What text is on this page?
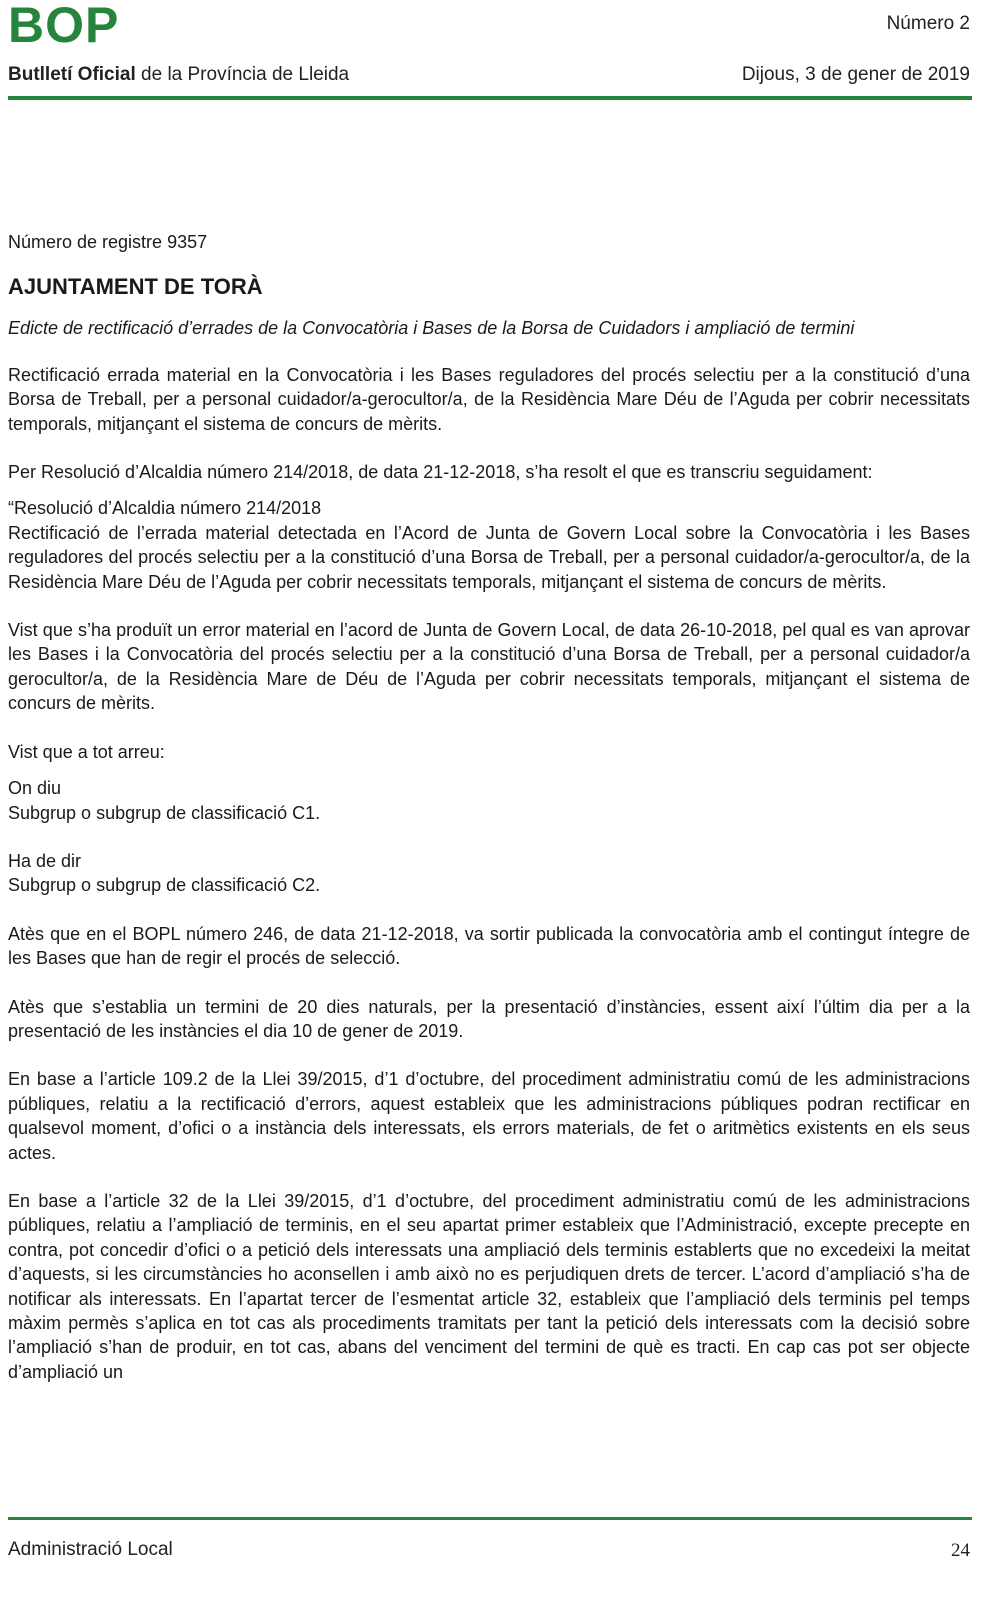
BOP	Número 2
Butlletí Oficial de la Província de Lleida	Dijous, 3 de gener de 2019

Número de registre 9357

AJUNTAMENT DE TORÀ

Edicte de rectificació d’errades de la Convocatòria i Bases de la Borsa de Cuidadors i ampliació de termini

Rectificació errada material en la Convocatòria i les Bases reguladores del procés selectiu per a la constitució d’una Borsa de Treball, per a personal cuidador/a-gerocultor/a, de la Residència Mare Déu de l’Aguda per cobrir necessitats temporals, mitjançant el sistema de concurs de mèrits.

Per Resolució d’Alcaldia número 214/2018, de data 21-12-2018, s’ha resolt el que es transcriu seguidament:

“Resolució d’Alcaldia número 214/2018

Rectificació de l’errada material detectada en l’Acord de Junta de Govern Local sobre la Convocatòria i les Bases reguladores del procés selectiu per a la constitució d’una Borsa de Treball, per a personal cuidador/a-gerocultor/a, de la Residència Mare Déu de l’Aguda per cobrir necessitats temporals, mitjançant el sistema de concurs de mèrits.

Vist que s’ha produït un error material en l’acord de Junta de Govern Local, de data 26-10-2018, pel qual es van aprovar les Bases i la Convocatòria del procés selectiu per a la constitució d’una Borsa de Treball, per a personal cuidador/a gerocultor/a, de la Residència Mare de Déu de l’Aguda per cobrir necessitats temporals, mitjançant el sistema de concurs de mèrits.

Vist que a tot arreu:

On diu

Subgrup o subgrup de classificació C1.

Ha de dir

Subgrup o subgrup de classificació C2.

Atès que en el BOPL número 246, de data 21-12-2018, va sortir publicada la convocatòria amb el contingut íntegre de les Bases que han de regir el procés de selecció.

Atès que s’establia un termini de 20 dies naturals, per la presentació d’instàncies, essent així l’últim dia per a la presentació de les instàncies el dia 10 de gener de 2019.

En base a l’article 109.2 de la Llei 39/2015, d’1 d’octubre, del procediment administratiu comú de les administracions públiques, relatiu a la rectificació d’errors, aquest estableix que les administracions públiques podran rectificar en qualsevol moment, d’ofici o a instància dels interessats, els errors materials, de fet o aritmètics existents en els seus actes.

En base a l’article 32 de la Llei 39/2015, d’1 d’octubre, del procediment administratiu comú de les administracions públiques, relatiu a l’ampliació de terminis, en el seu apartat primer estableix que l’Administració, excepte precepte en contra, pot concedir d’ofici o a petició dels interessats una ampliació dels terminis establerts que no excedeixi la meitat d’aquests, si les circumstàncies ho aconsellen i amb això no es perjudiquen drets de tercer. L’acord d’ampliació s’ha de notificar als interessats. En l’apartat tercer de l’esmentat article 32, estableix que l’ampliació dels terminis pel temps màxim permès s’aplica en tot cas als procediments tramitats per tant la petició dels interessats com la decisió sobre l’ampliació s’han de produir, en tot cas, abans del venciment del termini de què es tracti. En cap cas pot ser objecte d’ampliació un

Administració Local	24
